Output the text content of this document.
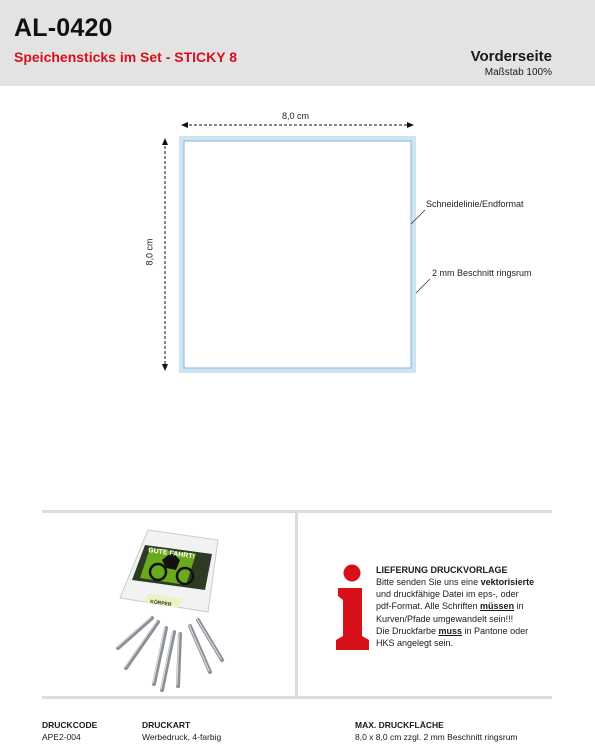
AL-0420
Speichensticks im Set - STICKY 8	Vorderseite
Maßstab 100%
GUTE FAHRT!
KÖRPER
8,0 cm
8,0 cm
Schneidelinie/Endformat
2 mm Beschnitt ringsrum
LIEFERUNG DRUCKVORLAGE
Bitte senden Sie uns eine vektorisierte
und druckfähige Datei im eps-, oder
pdf-Format. Alle Schriften müssen in
Kurven/Pfade umgewandelt sein!!!
Die Druckfarbe muss in Pantone oder
HKS angelegt sein.
DRUCKCODE
APE2-004
DRUCKART
Werbedruck, 4-farbig
MAX. DRUCKFLÄCHE
8,0 x 8,0 cm zzgl. 2 mm Beschnitt ringsrum
